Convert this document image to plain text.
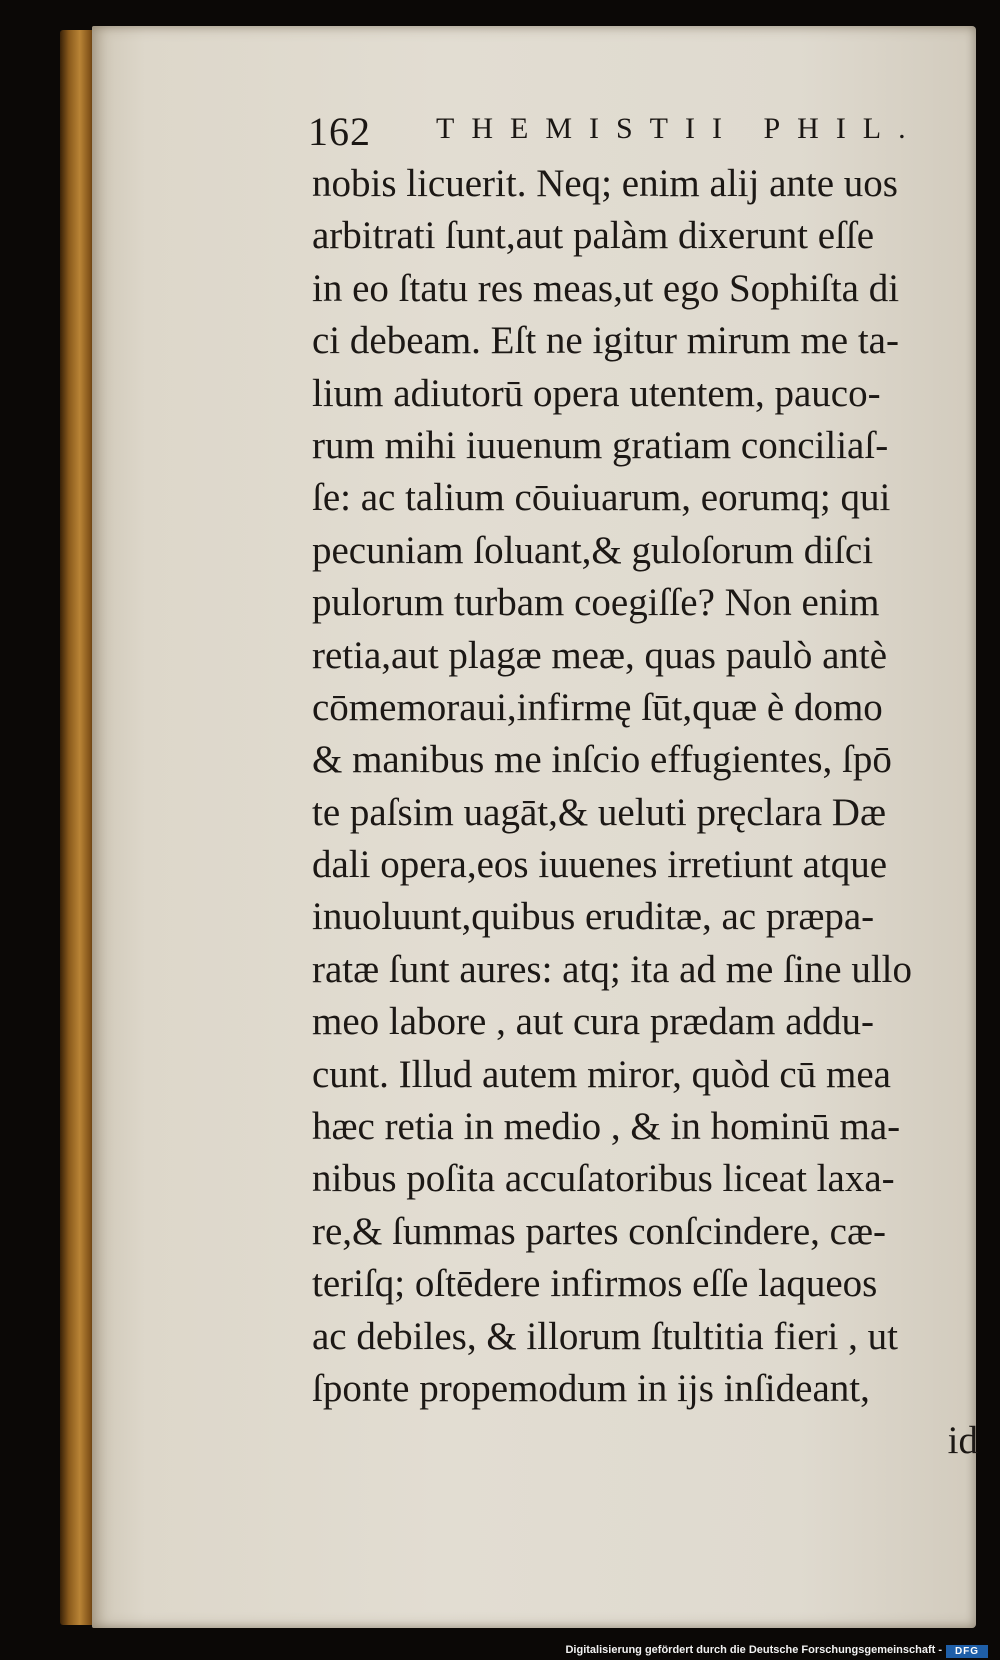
162 THEMISTII PHIL.
nobis licuerit. Neq; enim alij ante uos
arbitrati ſunt,aut palàm dixerunt eſſe
in eo ſtatu res meas,ut ego Sophiſta di
ci debeam. Eſt ne igitur mirum me ta-
lium adiutorū opera utentem, pauco-
rum mihi iuuenum gratiam conciliaſ-
ſe: ac talium cōuiuarum, eorumq; qui
pecuniam ſoluant,& guloſorum diſci
pulorum turbam coegiſſe? Non enim
retia,aut plagæ meæ, quas paulò antè
cōmemoraui,infirmę ſūt,quæ è domo
& manibus me inſcio effugientes, ſpō
te paſsim uagāt,& ueluti pręclara Dæ
dali opera,eos iuuenes irretiunt atque
inuoluunt,quibus eruditæ, ac præpa-
ratæ ſunt aures: atq; ita ad me ſine ullo
meo labore , aut cura prædam addu-
cunt. Illud autem miror, quòd cū mea
hæc retia in medio , & in hominū ma-
nibus poſita accuſatoribus liceat laxa-
re,& ſummas partes conſcindere, cæ-
teriſq; oſtēdere infirmos eſſe laqueos
ac debiles, & illorum ſtultitia fieri , ut
ſponte propemodum in ijs inſideant,
id
Digitalisierung gefördert durch die Deutsche Forschungsgemeinschaft -	DFG
